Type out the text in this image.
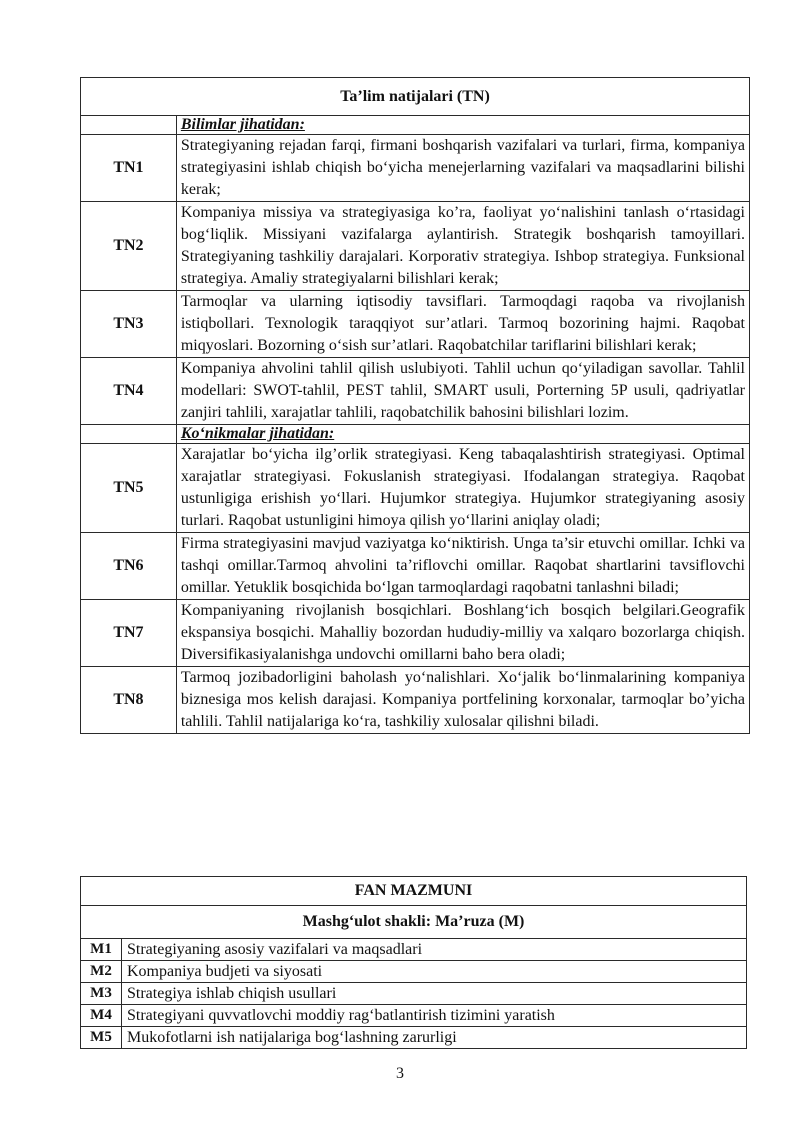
Ta’lim natijalari (TN)	
	Bilimlar jihatidan:
TN1	Strategiyaning rejadan farqi, firmani boshqarish vazifalari va turlari, firma, kompaniya strategiyasini ishlab chiqish bo‘yicha menejerlarning vazifalari va maqsadlarini bilishi kerak;
TN2	Kompaniya missiya va strategiyasiga ko’ra, faoliyat yo‘nalishini tanlash o‘rtasidagi bog‘liqlik. Missiyani vazifalarga aylantirish. Strategik boshqarish tamoyillari. Strategiyaning tashkiliy darajalari. Korporativ strategiya. Ishbop strategiya. Funksional strategiya. Amaliy strategiyalarni bilishlari kerak;
TN3	Tarmoqlar va ularning iqtisodiy tavsiflari. Tarmoqdagi raqoba va rivojlanish istiqbollari. Texnologik taraqqiyot sur’atlari. Tarmoq bozorining hajmi. Raqobat miqyoslari. Bozorning o‘sish sur’atlari. Raqobatchilar tariflarini bilishlari kerak;
TN4	Kompaniya ahvolini tahlil qilish uslubiyoti. Tahlil uchun qo‘yiladigan savollar. Tahlil modellari: SWOT-tahlil, PEST tahlil, SMART usuli, Porterning 5P usuli, qadriyatlar zanjiri tahlili, xarajatlar tahlili, raqobatchilik bahosini bilishlari lozim.
	Ko‘nikmalar jihatidan:
TN5	Xarajatlar bo‘yicha ilg’orlik strategiyasi. Keng tabaqalashtirish strategiyasi. Optimal xarajatlar strategiyasi. Fokuslanish strategiyasi. Ifodalangan strategiya. Raqobat ustunligiga erishish yo‘llari. Hujumkor strategiya. Hujumkor strategiyaning asosiy turlari. Raqobat ustunligini himoya qilish yo‘llarini aniqlay oladi;
TN6	Firma strategiyasini mavjud vaziyatga ko‘niktirish. Unga ta’sir etuvchi omillar. Ichki va tashqi omillar.Tarmoq ahvolini ta’riflovchi omillar. Raqobat shartlarini tavsiflovchi omillar. Yetuklik bosqichida bo‘lgan tarmoqlardagi raqobatni tanlashni biladi;
TN7	Kompaniyaning rivojlanish bosqichlari. Boshlang‘ich bosqich belgilari.Geografik ekspansiya bosqichi. Mahalliy bozordan hududiy-milliy va xalqaro bozorlarga chiqish. Diversifikasiyalanishga undovchi omillarni baho bera oladi;
TN8	Tarmoq jozibadorligini baholash yo‘nalishlari. Xo‘jalik bo‘linmalarining kompaniya biznesiga mos kelish darajasi. Kompaniya portfelining korxonalar, tarmoqlar bo’yicha tahlili. Tahlil natijalariga ko‘ra, tashkiliy xulosalar qilishni biladi.
FAN MAZMUNI	
Mashg‘ulot shakli: Ma’ruza (M)	
M1	Strategiyaning asosiy vazifalari va maqsadlari
M2	Kompaniya budjeti va siyosati
M3	Strategiya ishlab chiqish usullari
M4	Strategiyani quvvatlovchi moddiy rag‘batlantirish tizimini yaratish
M5	Mukofotlarni ish natijalariga bog‘lashning zarurligi
3
